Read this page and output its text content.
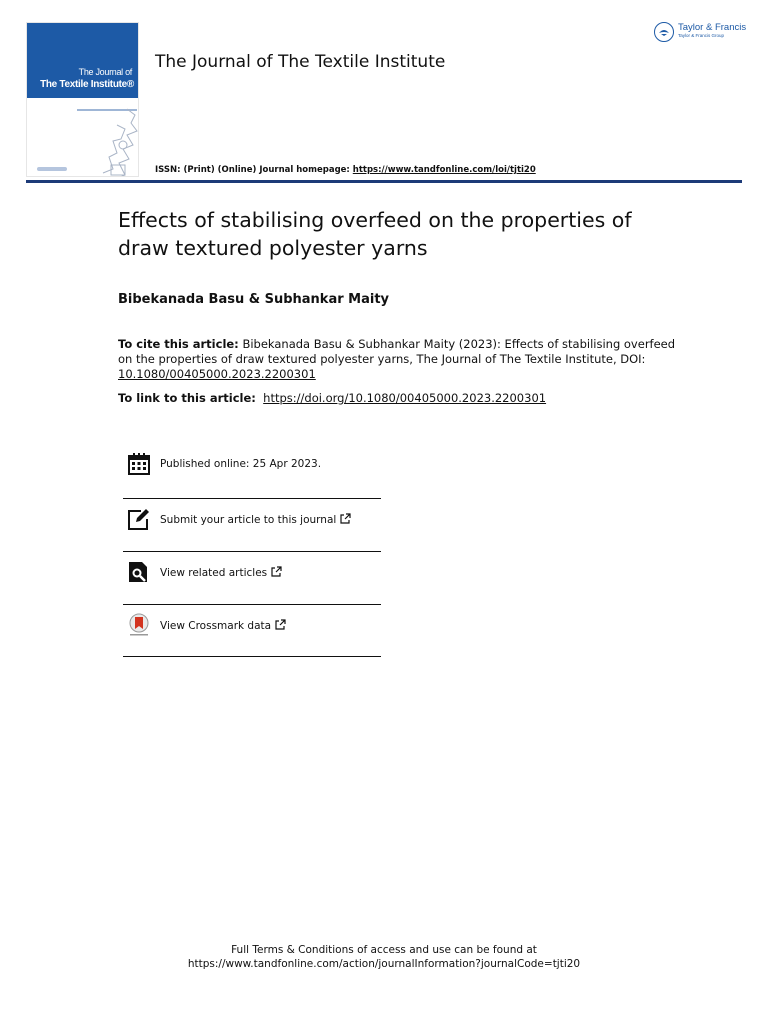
The Journal of
The Textile Institute®
The Journal of The Textile Institute
ISSN: (Print) (Online) Journal homepage: https://www.tandfonline.com/loi/tjti20
Taylor & Francis
Taylor & Francis Group
Effects of stabilising overfeed on the properties of draw textured polyester yarns
Bibekanada Basu & Subhankar Maity
To cite this article: Bibekanada Basu & Subhankar Maity (2023): Effects of stabilising overfeed on the properties of draw textured polyester yarns, The Journal of The Textile Institute, DOI: 10.1080/00405000.2023.2200301
To link to this article: https://doi.org/10.1080/00405000.2023.2200301
Published online: 25 Apr 2023.
Submit your article to this journal
View related articles
View Crossmark data
Full Terms & Conditions of access and use can be found at
https://www.tandfonline.com/action/journalInformation?journalCode=tjti20
